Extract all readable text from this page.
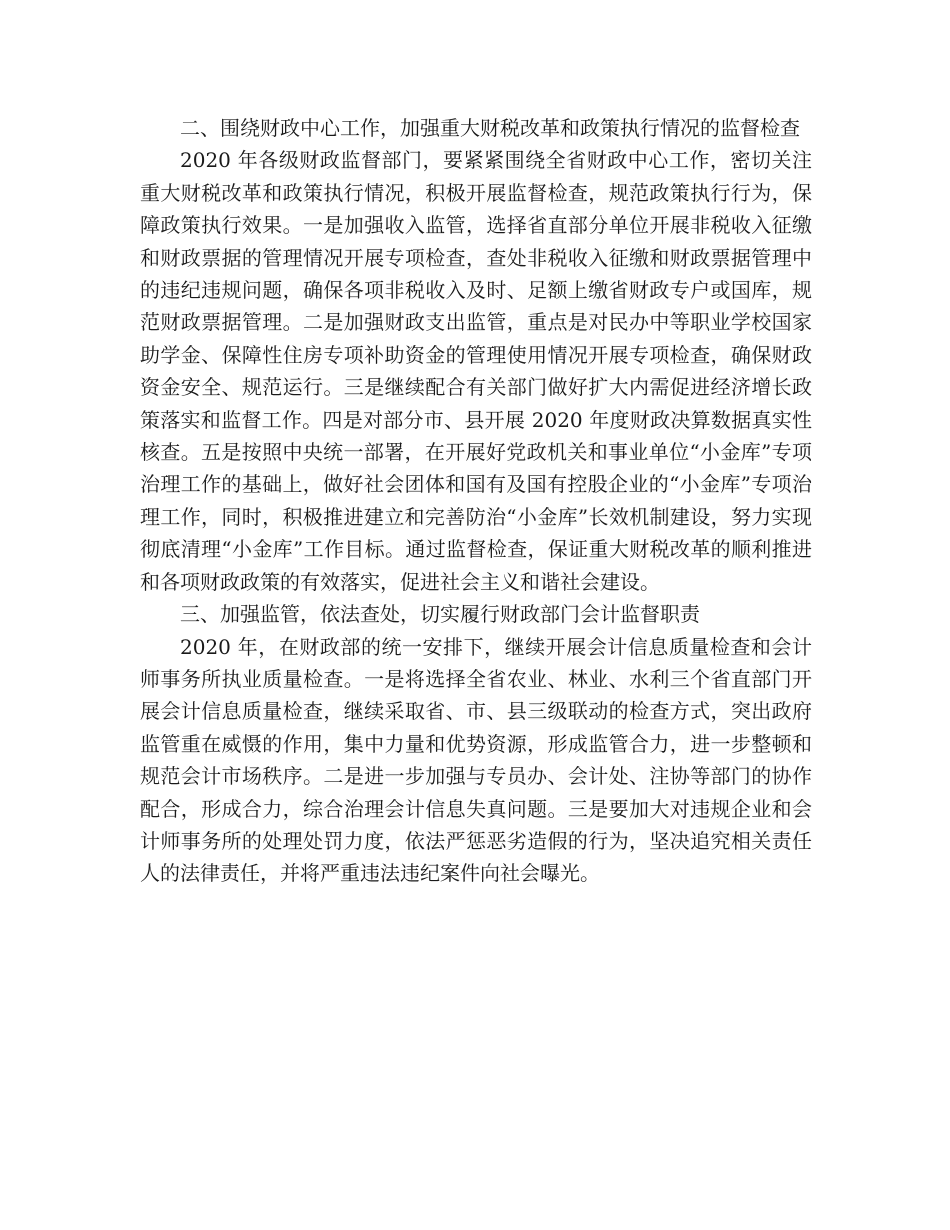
二、围绕财政中心工作，加强重大财税改革和政策执行情况的监督检查

2020 年各级财政监督部门，要紧紧围绕全省财政中心工作，密切关注重大财税改革和政策执行情况，积极开展监督检查，规范政策执行行为，保障政策执行效果。一是加强收入监管，选择省直部分单位开展非税收入征缴和财政票据的管理情况开展专项检查，查处非税收入征缴和财政票据管理中的违纪违规问题，确保各项非税收入及时、足额上缴省财政专户或国库，规范财政票据管理。二是加强财政支出监管，重点是对民办中等职业学校国家助学金、保障性住房专项补助资金的管理使用情况开展专项检查，确保财政资金安全、规范运行。三是继续配合有关部门做好扩大内需促进经济增长政策落实和监督工作。四是对部分市、县开展 2020 年度财政决算数据真实性核查。五是按照中央统一部署，在开展好党政机关和事业单位“小金库”专项治理工作的基础上，做好社会团体和国有及国有控股企业的“小金库”专项治理工作，同时，积极推进建立和完善防治“小金库”长效机制建设，努力实现彻底清理“小金库”工作目标。通过监督检查，保证重大财税改革的顺利推进和各项财政政策的有效落实，促进社会主义和谐社会建设。

三、加强监管，依法查处，切实履行财政部门会计监督职责

2020 年，在财政部的统一安排下，继续开展会计信息质量检查和会计师事务所执业质量检查。一是将选择全省农业、林业、水利三个省直部门开展会计信息质量检查，继续采取省、市、县三级联动的检查方式，突出政府监管重在威慑的作用，集中力量和优势资源，形成监管合力，进一步整顿和规范会计市场秩序。二是进一步加强与专员办、会计处、注协等部门的协作配合，形成合力，综合治理会计信息失真问题。三是要加大对违规企业和会计师事务所的处理处罚力度，依法严惩恶劣造假的行为，坚决追究相关责任人的法律责任，并将严重违法违纪案件向社会曝光。
